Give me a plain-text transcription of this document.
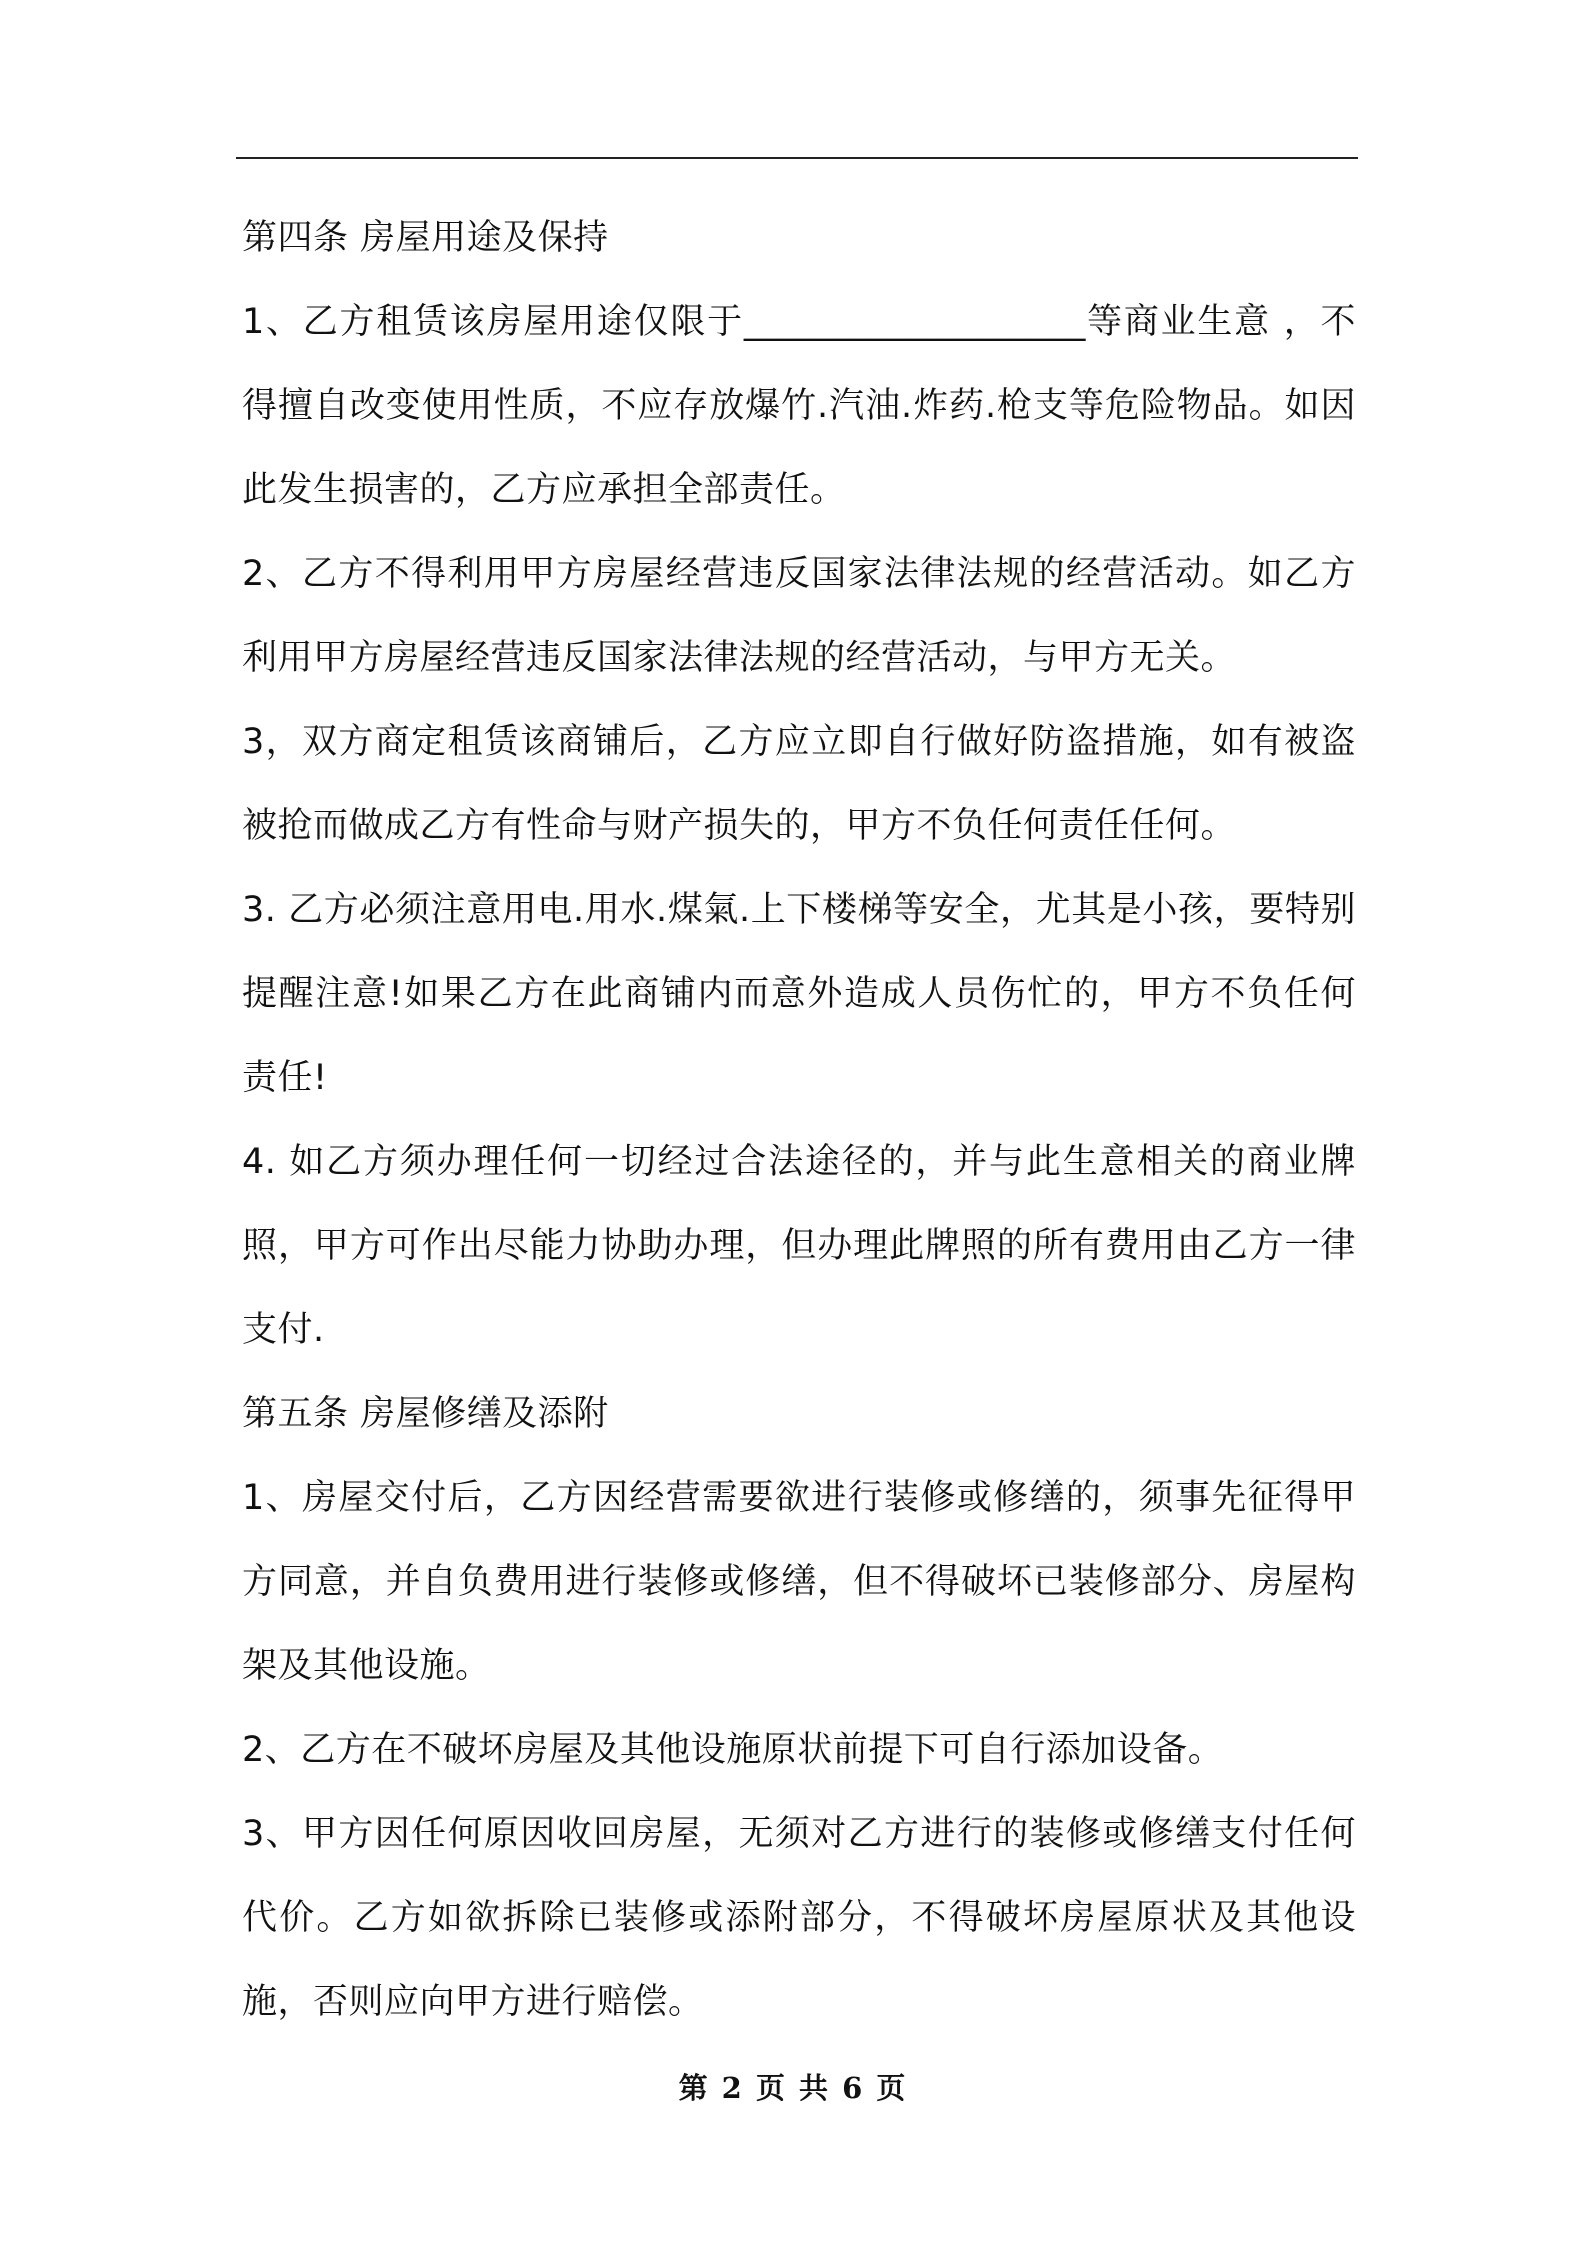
第四条 房屋用途及保持

1、乙方租赁该房屋用途仅限于___________________等商业生意 ，不得擅自改变使用性质，不应存放爆竹.汽油.炸药.枪支等危险物品。如因此发生损害的，乙方应承担全部责任。

2、乙方不得利用甲方房屋经营违反国家法律法规的经营活动。如乙方利用甲方房屋经营违反国家法律法规的经营活动，与甲方无关。

3，双方商定租赁该商铺后，乙方应立即自行做好防盗措施，如有被盗被抢而做成乙方有性命与财产损失的，甲方不负任何责任任何。

3. 乙方必须注意用电.用水.煤氣.上下楼梯等安全，尤其是小孩，要特别提醒注意!如果乙方在此商铺内而意外造成人员伤忙的，甲方不负任何责任!

4. 如乙方须办理任何一切经过合法途径的，并与此生意相关的商业牌照，甲方可作出尽能力协助办理，但办理此牌照的所有费用由乙方一律支付.

第五条 房屋修缮及添附

1、房屋交付后，乙方因经营需要欲进行装修或修缮的，须事先征得甲方同意，并自负费用进行装修或修缮，但不得破坏已装修部分、房屋构架及其他设施。

2、乙方在不破坏房屋及其他设施原状前提下可自行添加设备。

3、甲方因任何原因收回房屋，无须对乙方进行的装修或修缮支付任何代价。乙方如欲拆除已装修或添附部分，不得破坏房屋原状及其他设施，否则应向甲方进行赔偿。

第 2 页 共 6 页
